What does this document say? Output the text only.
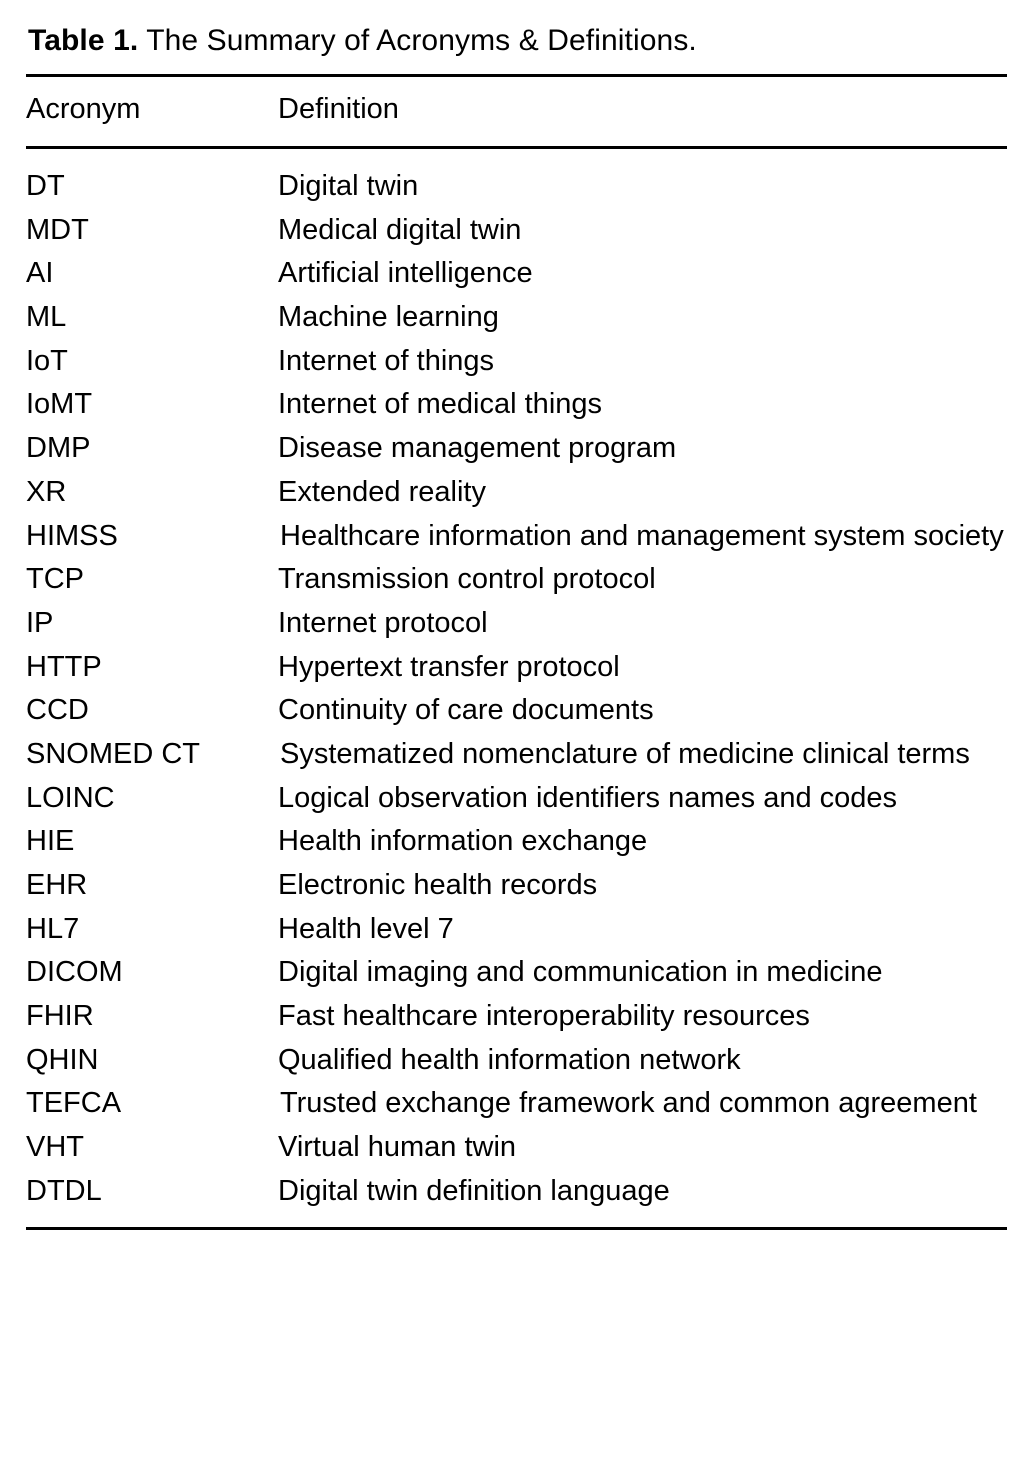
Table 1. The Summary of Acronyms & Definitions.
Acronym	Definition

DT	Digital twin
MDT	Medical digital twin
AI	Artificial intelligence
ML	Machine learning
IoT	Internet of things
IoMT	Internet of medical things
DMP	Disease management program
XR	Extended reality
HIMSS	Healthcare information and management system society
TCP	Transmission control protocol
IP	Internet protocol
HTTP	Hypertext transfer protocol
CCD	Continuity of care documents
SNOMED CT	Systematized nomenclature of medicine clinical terms
LOINC	Logical observation identifiers names and codes
HIE	Health information exchange
EHR	Electronic health records
HL7	Health level 7
DICOM	Digital imaging and communication in medicine
FHIR	Fast healthcare interoperability resources
QHIN	Qualified health information network
TEFCA	Trusted exchange framework and common agreement
VHT	Virtual human twin
DTDL	Digital twin definition language
